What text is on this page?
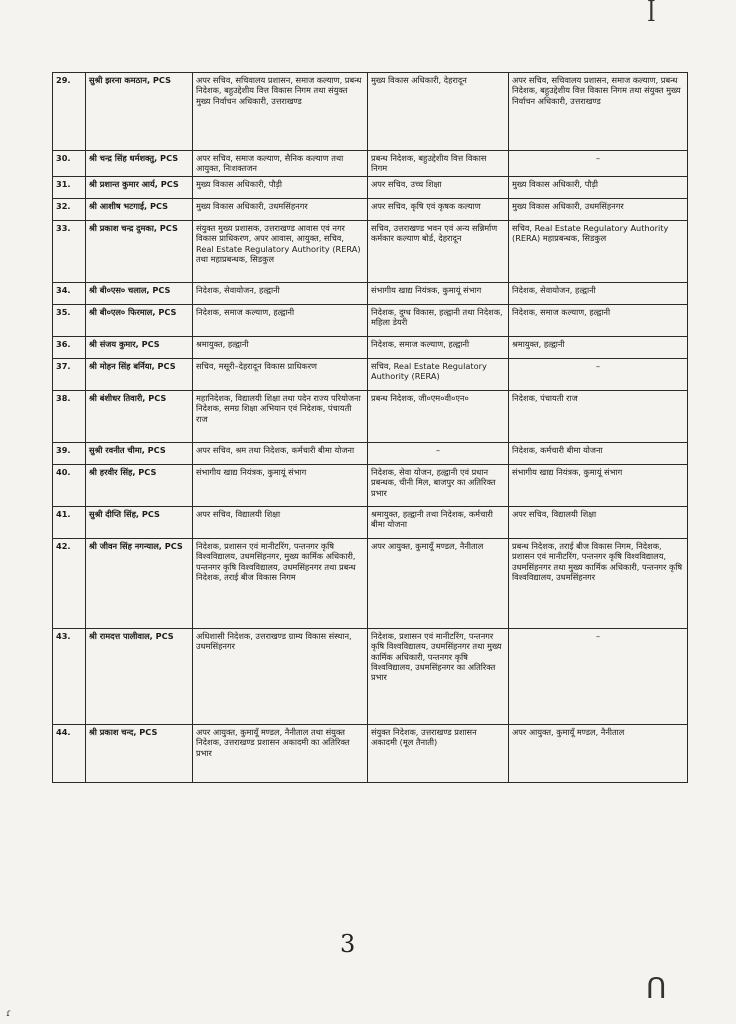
ꟾ
29.	सुश्री झरना कमठान, PCS	अपर सचिव, सचिवालय प्रशासन, समाज कल्याण, प्रबन्ध निदेशक, बहुउद्देशीय वित्त विकास निगम तथा संयुक्त मुख्य निर्वाचन अधिकारी, उत्तराखण्ड	मुख्य विकास अधिकारी, देहरादून	अपर सचिव, सचिवालय प्रशासन, समाज कल्याण, प्रबन्ध निदेशक, बहुउद्देशीय वित्त विकास निगम तथा संयुक्त मुख्य निर्वाचन अधिकारी, उत्तराखण्ड
30.	श्री चन्द्र सिंह धर्मशक्तु, PCS	अपर सचिव, समाज कल्याण, सैनिक कल्याण तथा आयुक्त, निःशक्तजन	प्रबन्ध निदेशक, बहुउद्देशीय वित्त विकास निगम	–
31.	श्री प्रशान्त कुमार आर्य, PCS	मुख्य विकास अधिकारी, पौड़ी	अपर सचिव, उच्च शिक्षा	मुख्य विकास अधिकारी, पौड़ी
32.	श्री आशीष भटगाई, PCS	मुख्य विकास अधिकारी, उधमसिंहनगर	अपर सचिव, कृषि एवं कृषक कल्याण	मुख्य विकास अधिकारी, उधमसिंहनगर
33.	श्री प्रकाश चन्द्र दुमका, PCS	संयुक्त मुख्य प्रशासक, उत्तराखण्ड आवास एवं नगर विकास प्राधिकरण, अपर आवास, आयुक्त, सचिव, Real Estate Regulatory Authority (RERA) तथा महाप्रबन्धक, सिडकुल	सचिव, उत्तराखण्ड भवन एवं अन्य सन्निर्माण कर्मकार कल्याण बोर्ड, देहरादून	सचिव, Real Estate Regulatory Authority (RERA) महाप्रबन्धक, सिडकुल
34.	श्री बी०एस० चलाल, PCS	निदेशक, सेवायोजन, हल्द्वानी	संभागीय खाद्य नियंत्रक, कुमायूं संभाग	निदेशक, सेवायोजन, हल्द्वानी
35.	श्री बी०एल० फिरमाल, PCS	निदेशक, समाज कल्याण, हल्द्वानी	निदेशक, दुग्ध विकास, हल्द्वानी तथा निदेशक, महिला डेयरी	निदेशक, समाज कल्याण, हल्द्वानी
36.	श्री संजय कुमार, PCS	श्रमायुक्त, हल्द्वानी	निदेशक, समाज कल्याण, हल्द्वानी	श्रमायुक्त, हल्द्वानी
37.	श्री मोहन सिंह बर्निया, PCS	सचिव, मसूरी–देहरादून विकास प्राधिकरण	सचिव, Real Estate Regulatory Authority (RERA)	–
38.	श्री बंशीधर तिवारी, PCS	महानिदेशक, विद्यालयी शिक्षा तथा पदेन राज्य परियोजना निदेशक, समग्र शिक्षा अभियान एवं निदेशक, पंचायती राज	प्रबन्ध निदेशक, जी०एम०वी०एन०	निदेशक, पंचायती राज
39.	सुश्री रवनीत चीमा, PCS	अपर सचिव, श्रम तथा निदेशक, कर्मचारी बीमा योजना	–	निदेशक, कर्मचारी बीमा योजना
40.	श्री हरवीर सिंह, PCS	संभागीय खाद्य नियंत्रक, कुमायूं संभाग	निदेशक, सेवा योजन, हल्द्वानी एवं प्रधान प्रबन्धक, चीनी मिल, बाजपुर का अतिरिक्त प्रभार	संभागीय खाद्य नियंत्रक, कुमायूं संभाग
41.	सुश्री दीप्ति सिंह, PCS	अपर सचिव, विद्यालयी शिक्षा	श्रमायुक्त, हल्द्वानी तथा निदेशक, कर्मचारी बीमा योजना	अपर सचिव, विद्यालयी शिक्षा
42.	श्री जीवन सिंह नगन्याल, PCS	निदेशक, प्रशासन एवं मानीटरिंग, पन्तनगर कृषि विश्वविद्यालय, उधमसिंहनगर, मुख्य कार्मिक अधिकारी, पन्तनगर कृषि विश्वविद्यालय, उधमसिंहनगर तथा प्रबन्ध निदेशक, तराई बीज विकास निगम	अपर आयुक्त, कुमायूँ मण्डल, नैनीताल	प्रबन्ध निदेशक, तराई बीज विकास निगम, निदेशक, प्रशासन एवं मानीटरिंग, पन्तनगर कृषि विश्वविद्यालय, उधमसिंहनगर तथा मुख्य कार्मिक अधिकारी, पन्तनगर कृषि विश्वविद्यालय, उधमसिंहनगर
43.	श्री रामदत्त पालीवाल, PCS	अधिशासी निदेशक, उत्तराखण्ड ग्राम्य विकास संस्थान, उधमसिंहनगर	निदेशक, प्रशासन एवं मानीटरिंग, पन्तनगर कृषि विश्वविद्यालय, उधमसिंहनगर तथा मुख्य कार्मिक अधिकारी, पन्तनगर कृषि विश्वविद्यालय, उधमसिंहनगर का अतिरिक्त प्रभार	–
44.	श्री प्रकाश चन्द, PCS	अपर आयुक्त, कुमायूँ मण्डल, नैनीताल तथा संयुक्त निदेशक, उत्तराखण्ड प्रशासन अकादमी का अतिरिक्त प्रभार	संयुक्त निदेशक, उत्तराखण्ड प्रशासन अकादमी (मूल तैनाती)	अपर आयुक्त, कुमायूँ मण्डल, नैनीताल
3
ᑎ
ɾ
